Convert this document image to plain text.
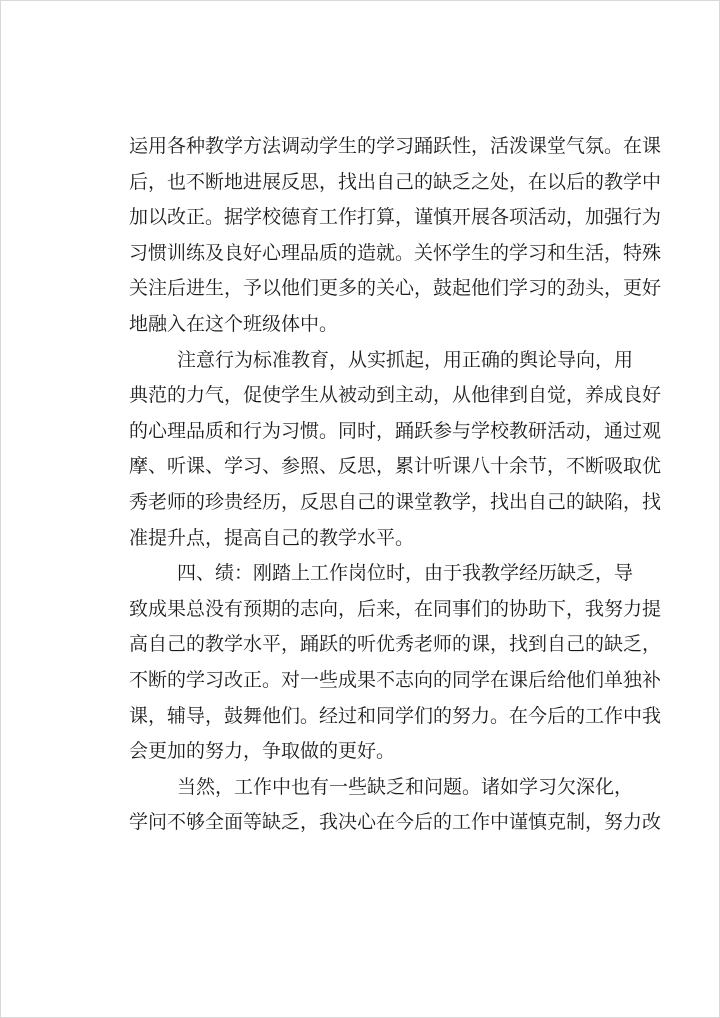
运用各种教学方法调动学生的学习踊跃性，活泼课堂气氛。在课
后，也不断地进展反思，找出自己的缺乏之处，在以后的教学中
加以改正。据学校德育工作打算，谨慎开展各项活动，加强行为
习惯训练及良好心理品质的造就。关怀学生的学习和生活，特殊
关注后进生，予以他们更多的关心，鼓起他们学习的劲头，更好
地融入在这个班级体中。
注意行为标准教育，从实抓起，用正确的舆论导向，用
典范的力气，促使学生从被动到主动，从他律到自觉，养成良好
的心理品质和行为习惯。同时，踊跃参与学校教研活动，通过观
摩、听课、学习、参照、反思，累计听课八十余节，不断吸取优
秀老师的珍贵经历，反思自己的课堂教学，找出自己的缺陷，找
准提升点，提高自己的教学水平。
四、绩：刚踏上工作岗位时，由于我教学经历缺乏，导
致成果总没有预期的志向，后来，在同事们的协助下，我努力提
高自己的教学水平，踊跃的听优秀老师的课，找到自己的缺乏，
不断的学习改正。对一些成果不志向的同学在课后给他们单独补
课，辅导，鼓舞他们。经过和同学们的努力。在今后的工作中我
会更加的努力，争取做的更好。
当然，工作中也有一些缺乏和问题。诸如学习欠深化，
学问不够全面等缺乏，我决心在今后的工作中谨慎克制，努力改
